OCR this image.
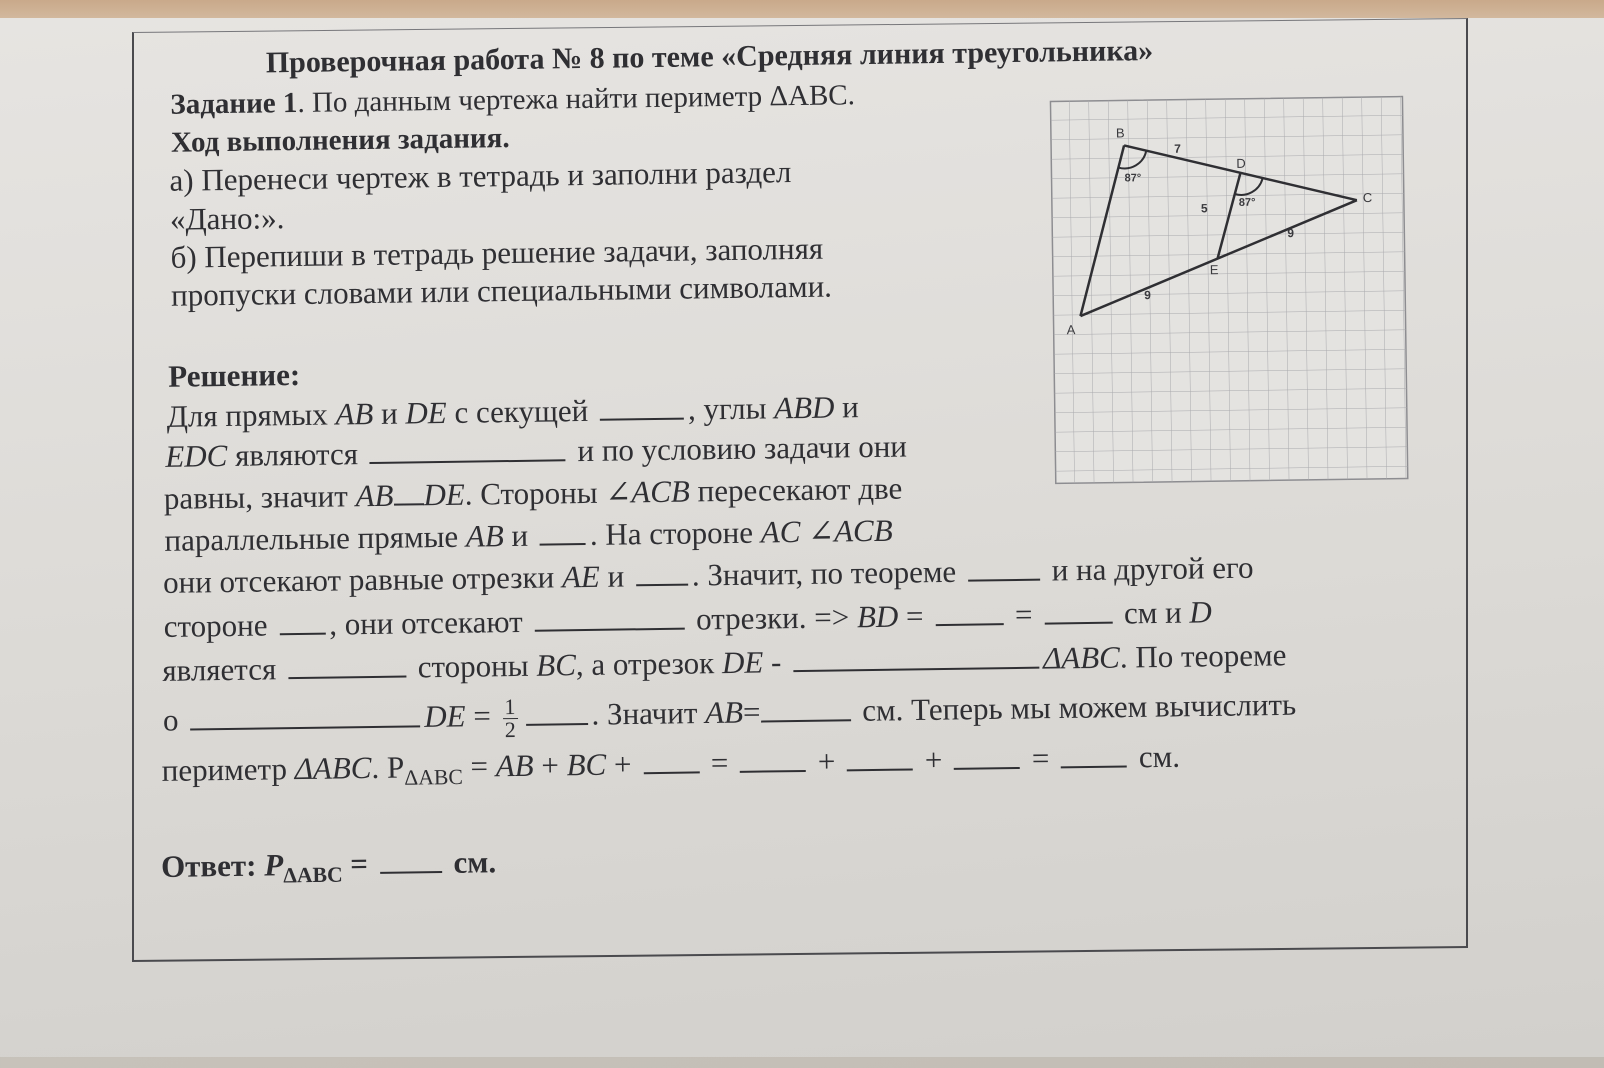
Проверочная работа № 8 по теме «Средняя линия треугольника»
Задание 1. По данным чертежа найти периметр ΔABC.
Ход выполнения задания.
а) Перенеси чертеж в тетрадь и заполни раздел
«Дано:».
б) Перепиши в тетрадь решение задачи, заполняя
пропуски словами или специальными символами.
Решение:
Для прямых AB и DE с секущей	, углы ABD и
EDC являются	и по условию задачи они
равны, значит AB DE. Стороны ∠ACB пересекают две
параллельные прямые AB и . На стороне AC ∠ACB
они отсекают равные отрезки AE и . Значит, по теореме	и на другой его
стороне , они отсекают	отрезки. => BD =  =  см и D
является	стороны BC, а отрезок DE -	ΔABC. По теореме
о	DE = $\frac{1}{2}$ . Значит AB=	см. Теперь мы можем вычислить
периметр ΔABC. $P_{\Delta ABC}$ = AB + BC +  =  +  +  =  см.
Ответ: $P_{\Delta ABC}$ =  см.
A
B
C
D
E
7
5
9
9
87°
87°
